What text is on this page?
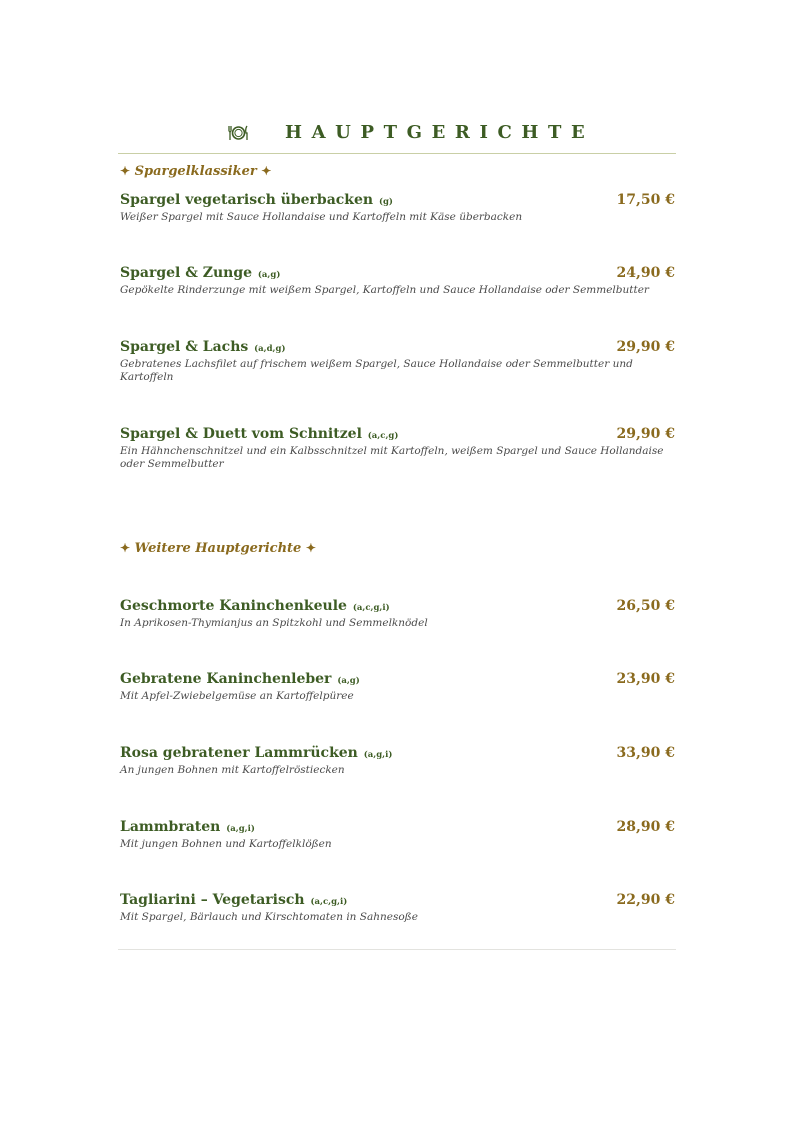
HAUPTGERICHTE
✦ Spargelklassiker ✦
Spargel vegetarisch überbacken (g)	17,50 €
Weißer Spargel mit Sauce Hollandaise und Kartoffeln mit Käse überbacken
Spargel & Zunge (a,g)	24,90 €
Gepökelte Rinderzunge mit weißem Spargel, Kartoffeln und Sauce Hollandaise oder Semmelbutter
Spargel & Lachs (a,d,g)	29,90 €
Gebratenes Lachsfilet auf frischem weißem Spargel, Sauce Hollandaise oder Semmelbutter und Kartoffeln
Spargel & Duett vom Schnitzel (a,c,g)	29,90 €
Ein Hähnchenschnitzel und ein Kalbsschnitzel mit Kartoffeln, weißem Spargel und Sauce Hollandaise oder Semmelbutter
✦ Weitere Hauptgerichte ✦
Geschmorte Kaninchenkeule (a,c,g,i)	26,50 €
In Aprikosen-Thymianjus an Spitzkohl und Semmelknödel
Gebratene Kaninchenleber (a,g)	23,90 €
Mit Apfel-Zwiebelgemüse an Kartoffelpüree
Rosa gebratener Lammrücken (a,g,i)	33,90 €
An jungen Bohnen mit Kartoffelröstiecken
Lammbraten (a,g,i)	28,90 €
Mit jungen Bohnen und Kartoffelklößen
Tagliarini – Vegetarisch (a,c,g,i)	22,90 €
Mit Spargel, Bärlauch und Kirschtomaten in Sahnesoße
